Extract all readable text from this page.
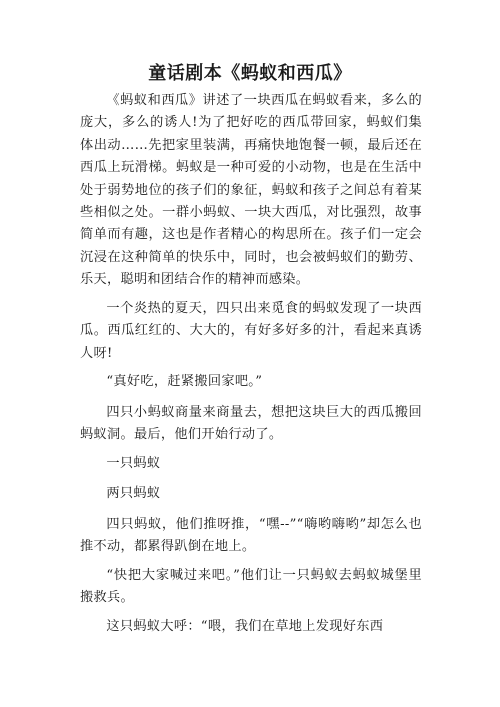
童话剧本《蚂蚁和西瓜》

《蚂蚁和西瓜》讲述了一块西瓜在蚂蚁看来，多么的庞大，多么的诱人!为了把好吃的西瓜带回家，蚂蚁们集体出动……先把家里装满，再痛快地饱餐一顿，最后还在西瓜上玩滑梯。蚂蚁是一种可爱的小动物，也是在生活中处于弱势地位的孩子们的象征，蚂蚁和孩子之间总有着某些相似之处。一群小蚂蚁、一块大西瓜，对比强烈，故事简单而有趣，这也是作者精心的构思所在。孩子们一定会沉浸在这种简单的快乐中，同时，也会被蚂蚁们的勤劳、乐天，聪明和团结合作的精神而感染。

一个炎热的夏天，四只出来觅食的蚂蚁发现了一块西瓜。西瓜红红的、大大的，有好多好多的汁，看起来真诱人呀!

“真好吃，赶紧搬回家吧。”

四只小蚂蚁商量来商量去，想把这块巨大的西瓜搬回蚂蚁洞。最后，他们开始行动了。

一只蚂蚁

两只蚂蚁

四只蚂蚁，他们推呀推，“嘿--”“嗨哟嗨哟”却怎么也推不动，都累得趴倒在地上。

“快把大家喊过来吧。”他们让一只蚂蚁去蚂蚁城堡里搬救兵。

这只蚂蚁大呼：“喂，我们在草地上发现好东西
